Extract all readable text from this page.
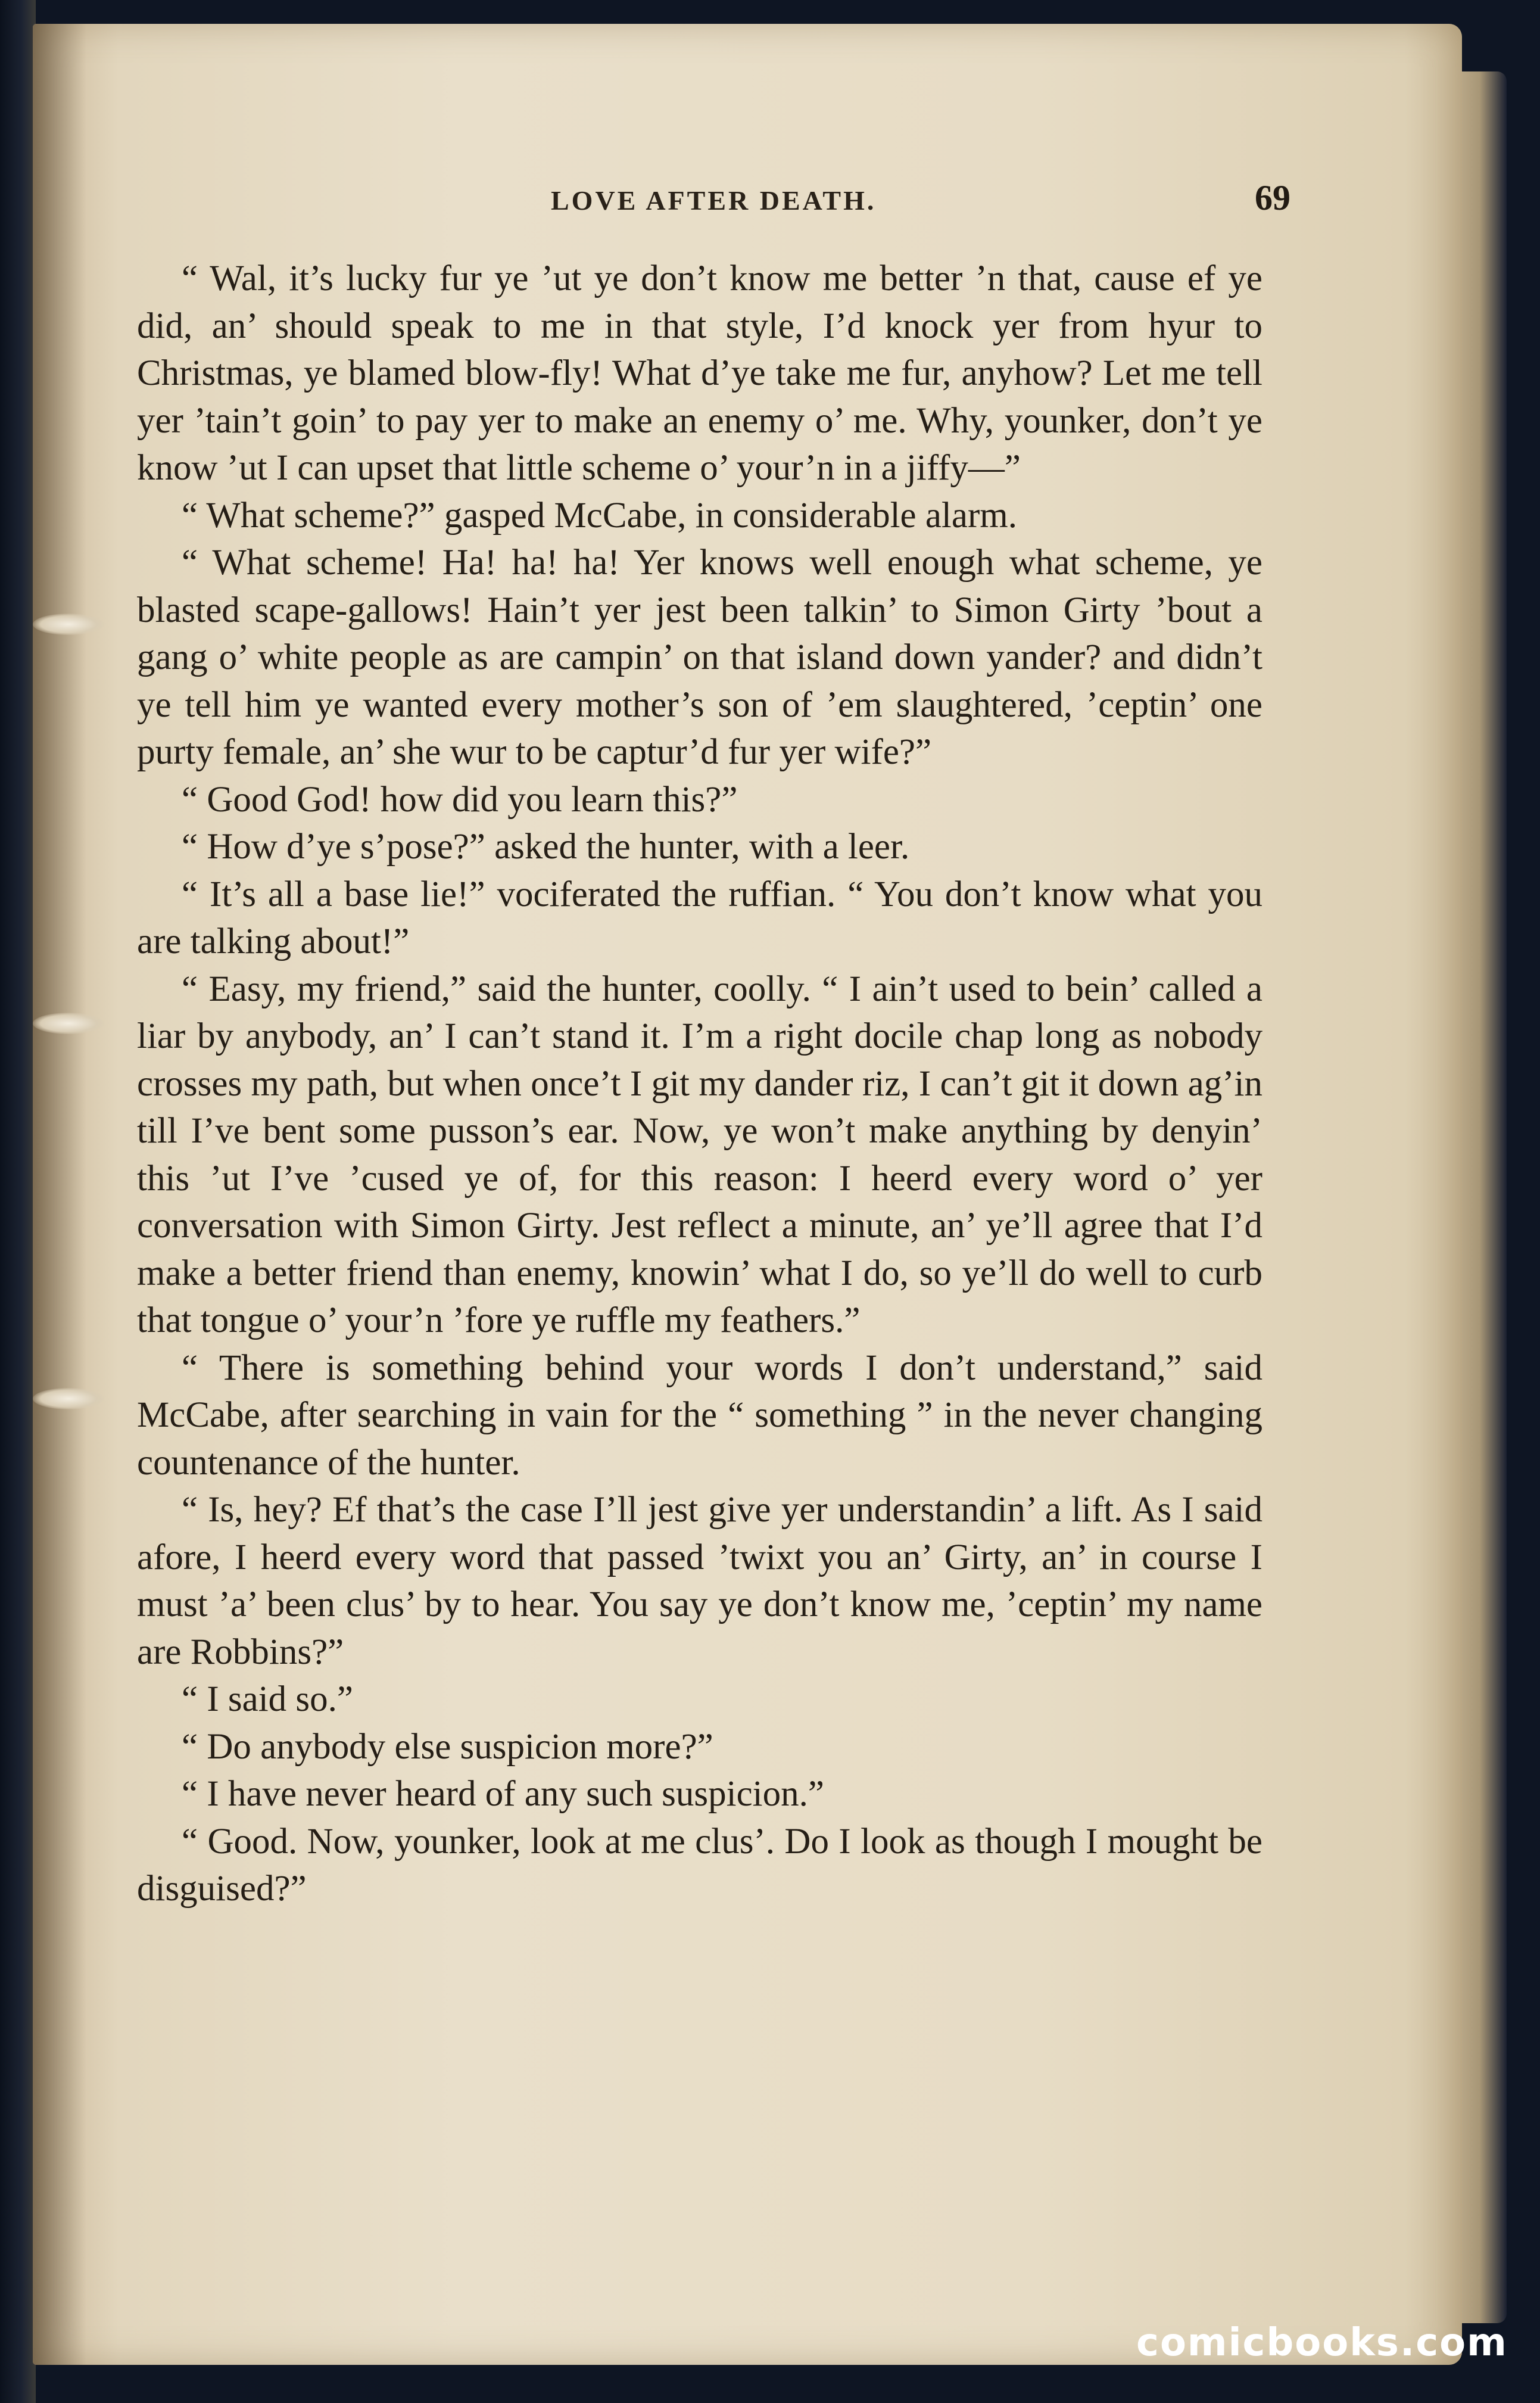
LOVE AFTER DEATH.	69

“ Wal, it’s lucky fur ye ’ut ye don’t know me better ’n that, cause ef ye did, an’ should speak to me in that style, I’d knock yer from hyur to Christmas, ye blamed blow-fly! What d’ye take me fur, anyhow? Let me tell yer ’tain’t goin’ to pay yer to make an enemy o’ me. Why, younker, don’t ye know ’ut I can upset that little scheme o’ your’n in a jiffy—”

“ What scheme?” gasped McCabe, in considerable alarm.

“ What scheme! Ha! ha! ha! Yer knows well enough what scheme, ye blasted scape-gallows! Hain’t yer jest been talkin’ to Simon Girty ’bout a gang o’ white people as are campin’ on that island down yander? and didn’t ye tell him ye wanted every mother’s son of ’em slaughtered, ’ceptin’ one purty female, an’ she wur to be captur’d fur yer wife?”

“ Good God! how did you learn this?”

“ How d’ye s’pose?” asked the hunter, with a leer.

“ It’s all a base lie!” vociferated the ruffian. “ You don’t know what you are talking about!”

“ Easy, my friend,” said the hunter, coolly. “ I ain’t used to bein’ called a liar by anybody, an’ I can’t stand it. I’m a right docile chap long as nobody crosses my path, but when once’t I git my dander riz, I can’t git it down ag’in till I’ve bent some pusson’s ear. Now, ye won’t make anything by denyin’ this ’ut I’ve ’cused ye of, for this reason: I heerd every word o’ yer conversation with Simon Girty. Jest reflect a minute, an’ ye’ll agree that I’d make a better friend than enemy, knowin’ what I do, so ye’ll do well to curb that tongue o’ your’n ’fore ye ruffle my feathers.”

“ There is something behind your words I don’t understand,” said McCabe, after searching in vain for the “ something ” in the never changing countenance of the hunter.

“ Is, hey? Ef that’s the case I’ll jest give yer understandin’ a lift. As I said afore, I heerd every word that passed ’twixt you an’ Girty, an’ in course I must ’a’ been clus’ by to hear. You say ye don’t know me, ’ceptin’ my name are Robbins?”

“ I said so.”

“ Do anybody else suspicion more?”

“ I have never heard of any such suspicion.”

“ Good. Now, younker, look at me clus’. Do I look as though I mought be disguised?”

comicbooks.com
